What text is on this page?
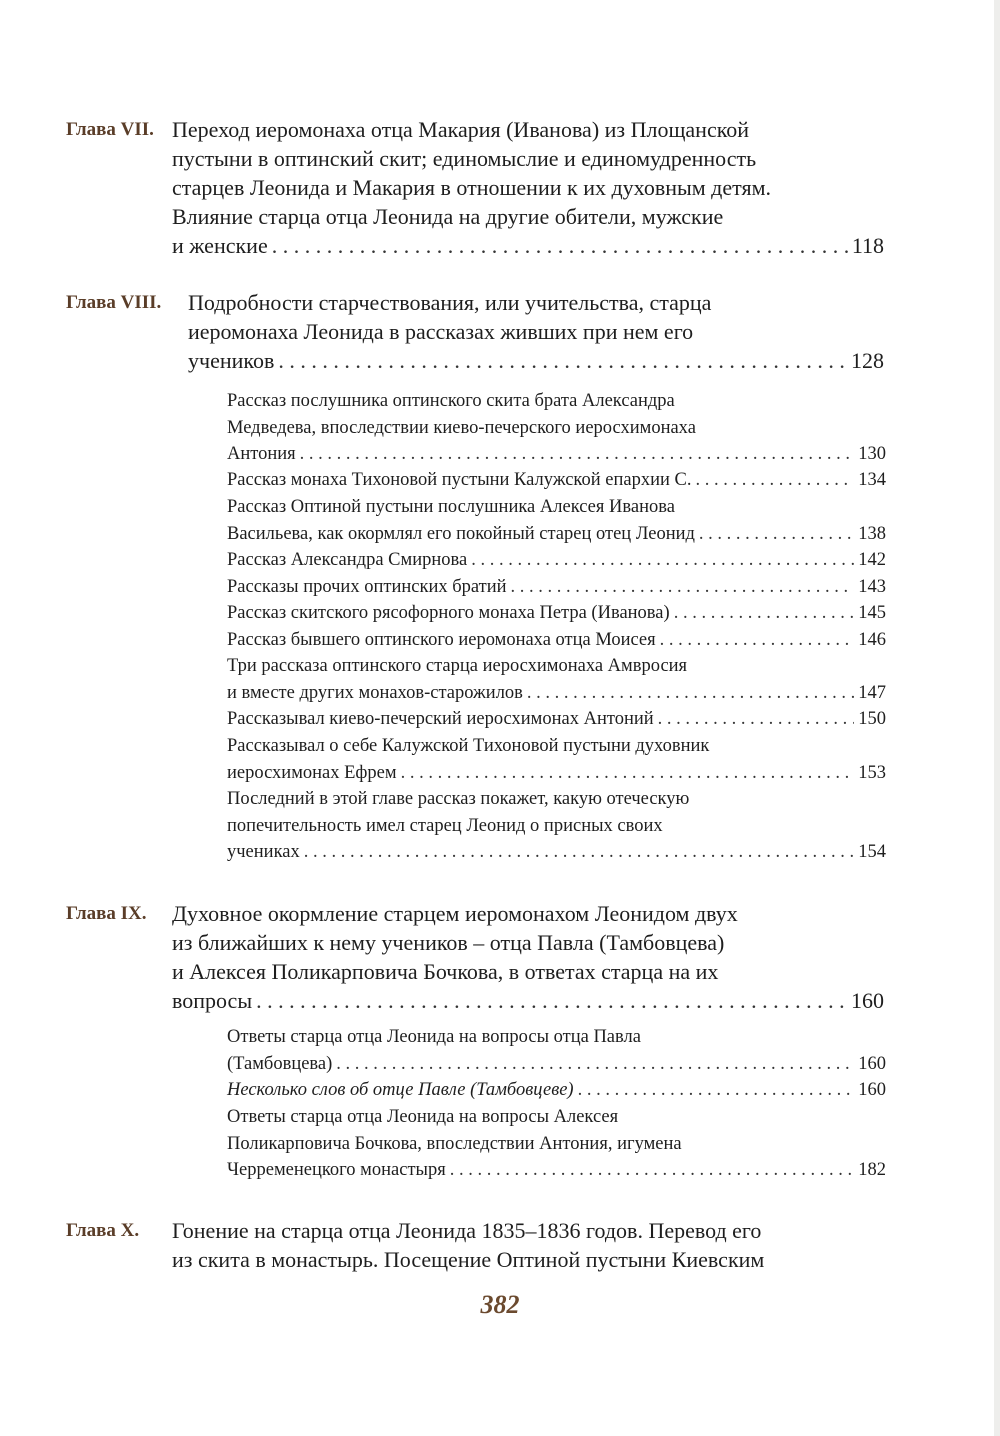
Глава VII. Переход иеромонаха отца Макария (Иванова) из Площанской
пустыни в оптинский скит; единомыслие и единомудренность
старцев Леонида и Макария в отношении к их духовным детям.
Влияние старца отца Леонида на другие обители, мужские
и женские . . .	118
Глава VIII. Подробности старчествования, или учительства, старца
иеромонаха Леонида в рассказах живших при нем его
учеников . . .	128
Рассказ послушника оптинского скита брата Александра
Медведева, впоследствии киево-печерского иеросхимонаха
Антония . . .	130
Рассказ монаха Тихоновой пустыни Калужской епархии С. . . .	134
Рассказ Оптиной пустыни послушника Алексея Иванова
Васильева, как окормлял его покойный старец отец Леонид . . .	138
Рассказ Александра Смирнова . . .	142
Рассказы прочих оптинских братий . . .	143
Рассказ скитского рясофорного монаха Петра (Иванова) . . .	145
Рассказ бывшего оптинского иеромонаха отца Моисея . . .	146
Три рассказа оптинского старца иеросхимонаха Амвросия
и вместе других монахов-старожилов . . .	147
Рассказывал киево-печерский иеросхимонах Антоний . . .	150
Рассказывал о себе Калужской Тихоновой пустыни духовник
иеросхимонах Ефрем . . .	153
Последний в этой главе рассказ покажет, какую отеческую
попечительность имел старец Леонид о присных своих
учениках . . .	154
Глава IX. Духовное окормление старцем иеромонахом Леонидом двух
из ближайших к нему учеников – отца Павла (Тамбовцева)
и Алексея Поликарповича Бочкова, в ответах старца на их
вопросы . . .	160
Ответы старца отца Леонида на вопросы отца Павла
(Тамбовцева) . . .	160
Несколько слов об отце Павле (Тамбовцеве) . . .	160
Ответы старца отца Леонида на вопросы Алексея
Поликарповича Бочкова, впоследствии Антония, игумена
Черременецкого монастыря . . .	182
Глава X. Гонение на старца отца Леонида 1835–1836 годов. Перевод его
из скита в монастырь. Посещение Оптиной пустыни Киевским
382
